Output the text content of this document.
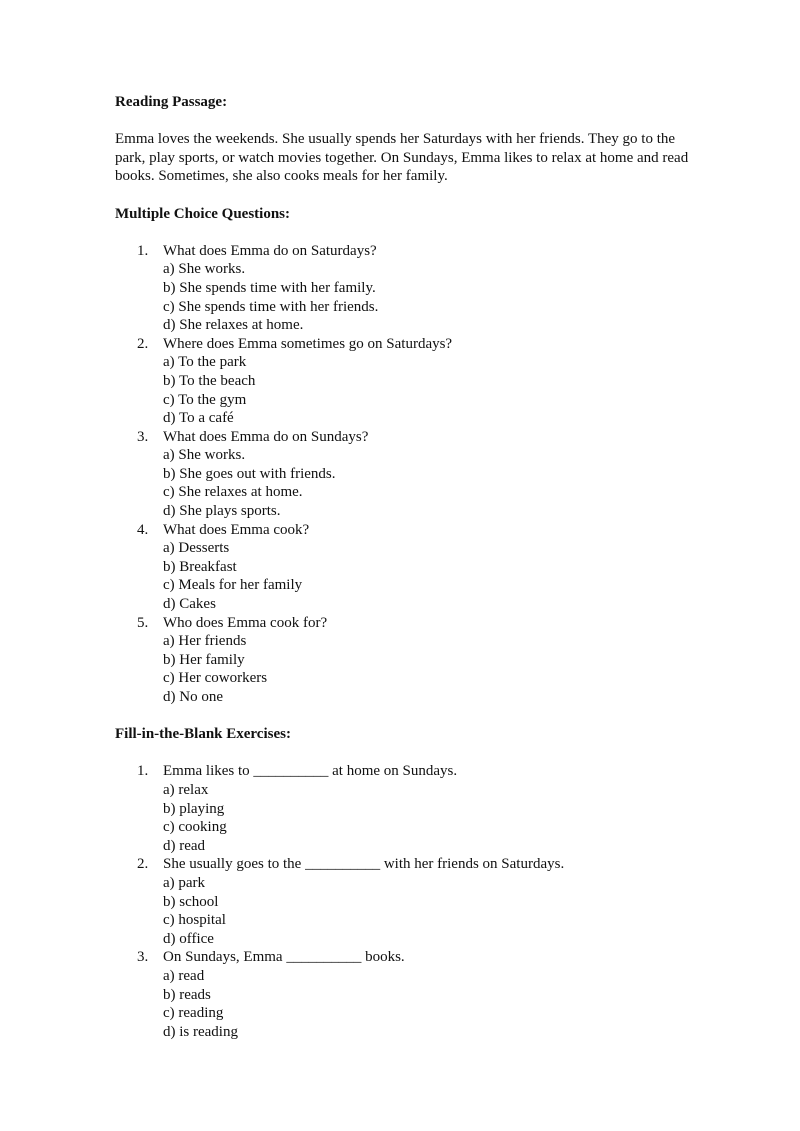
Reading Passage:

Emma loves the weekends. She usually spends her Saturdays with her friends. They go to the
park, play sports, or watch movies together. On Sundays, Emma likes to relax at home and read
books. Sometimes, she also cooks meals for her family.

Multiple Choice Questions:

1. What does Emma do on Saturdays?
a) She works.
b) She spends time with her family.
c) She spends time with her friends.
d) She relaxes at home.
2. Where does Emma sometimes go on Saturdays?
a) To the park
b) To the beach
c) To the gym
d) To a café
3. What does Emma do on Sundays?
a) She works.
b) She goes out with friends.
c) She relaxes at home.
d) She plays sports.
4. What does Emma cook?
a) Desserts
b) Breakfast
c) Meals for her family
d) Cakes
5. Who does Emma cook for?
a) Her friends
b) Her family
c) Her coworkers
d) No one

Fill-in-the-Blank Exercises:

1. Emma likes to __________ at home on Sundays.
a) relax
b) playing
c) cooking
d) read
2. She usually goes to the __________ with her friends on Saturdays.
a) park
b) school
c) hospital
d) office
3. On Sundays, Emma __________ books.
a) read
b) reads
c) reading
d) is reading
